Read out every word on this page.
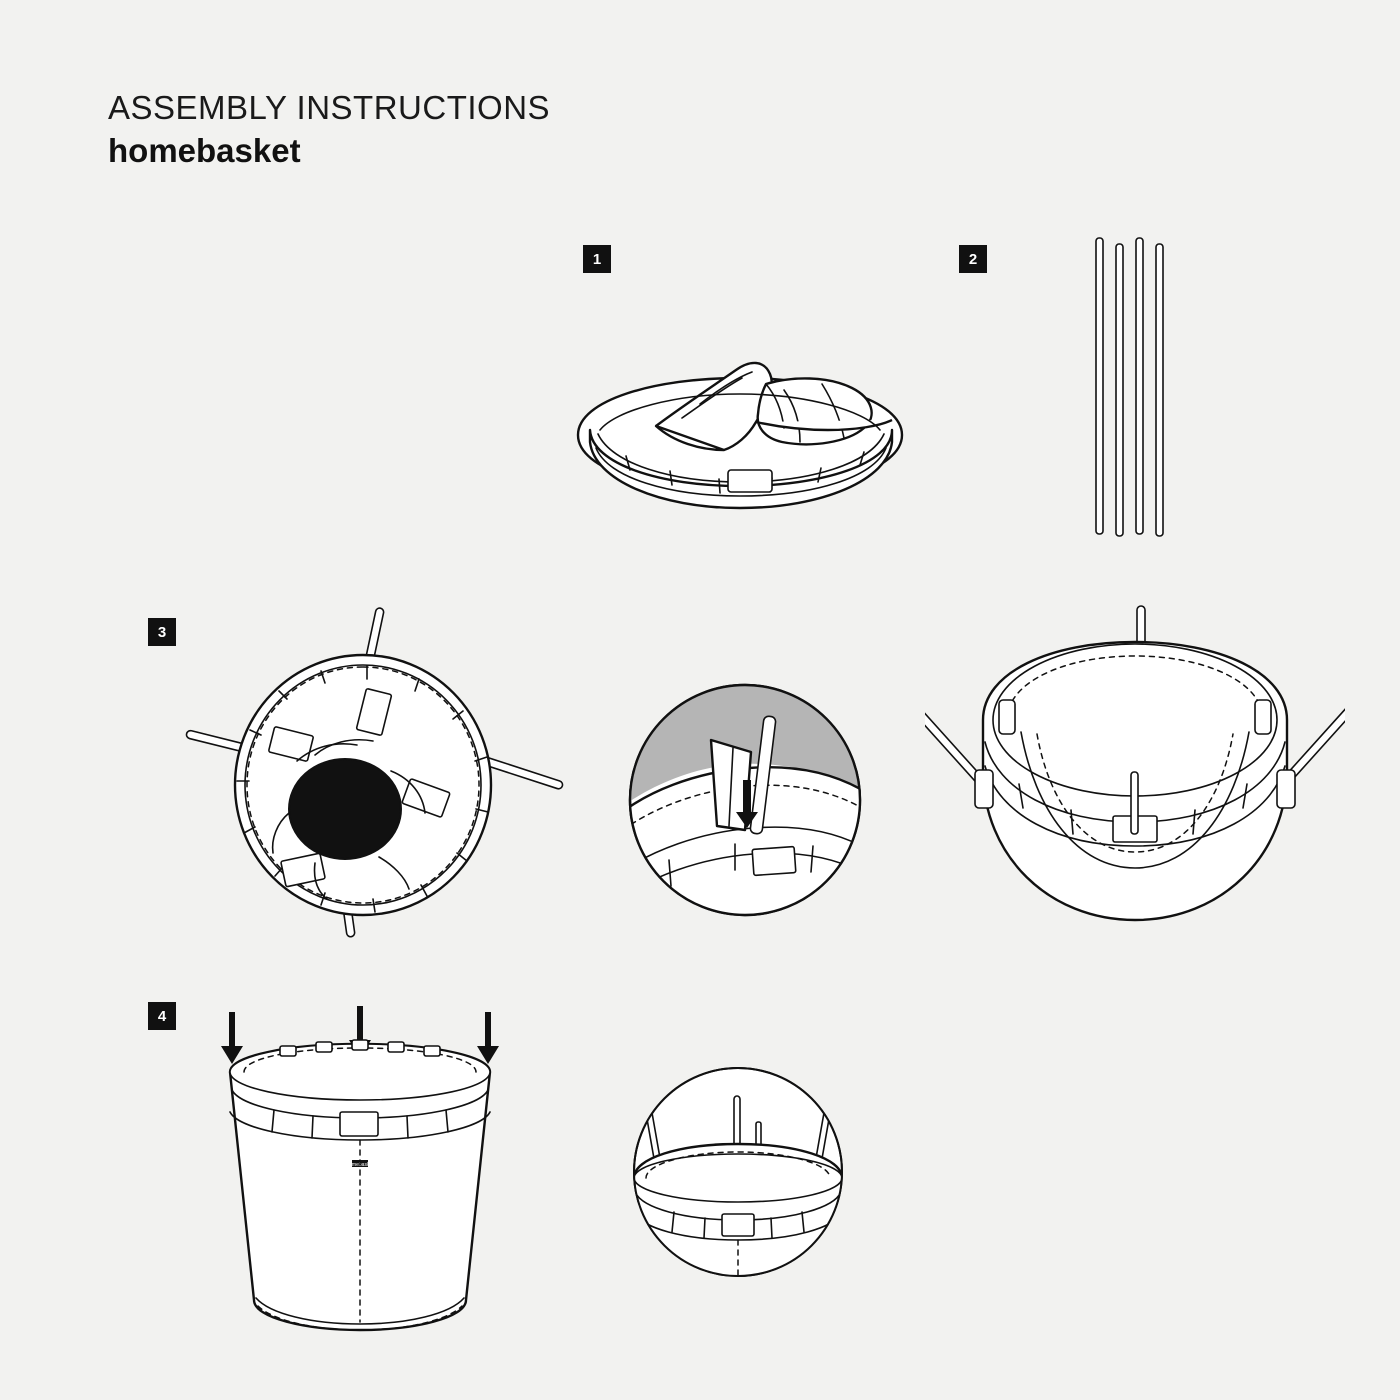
ASSEMBLY INSTRUCTIONS
homebasket
1	2
3
4
homebasket
